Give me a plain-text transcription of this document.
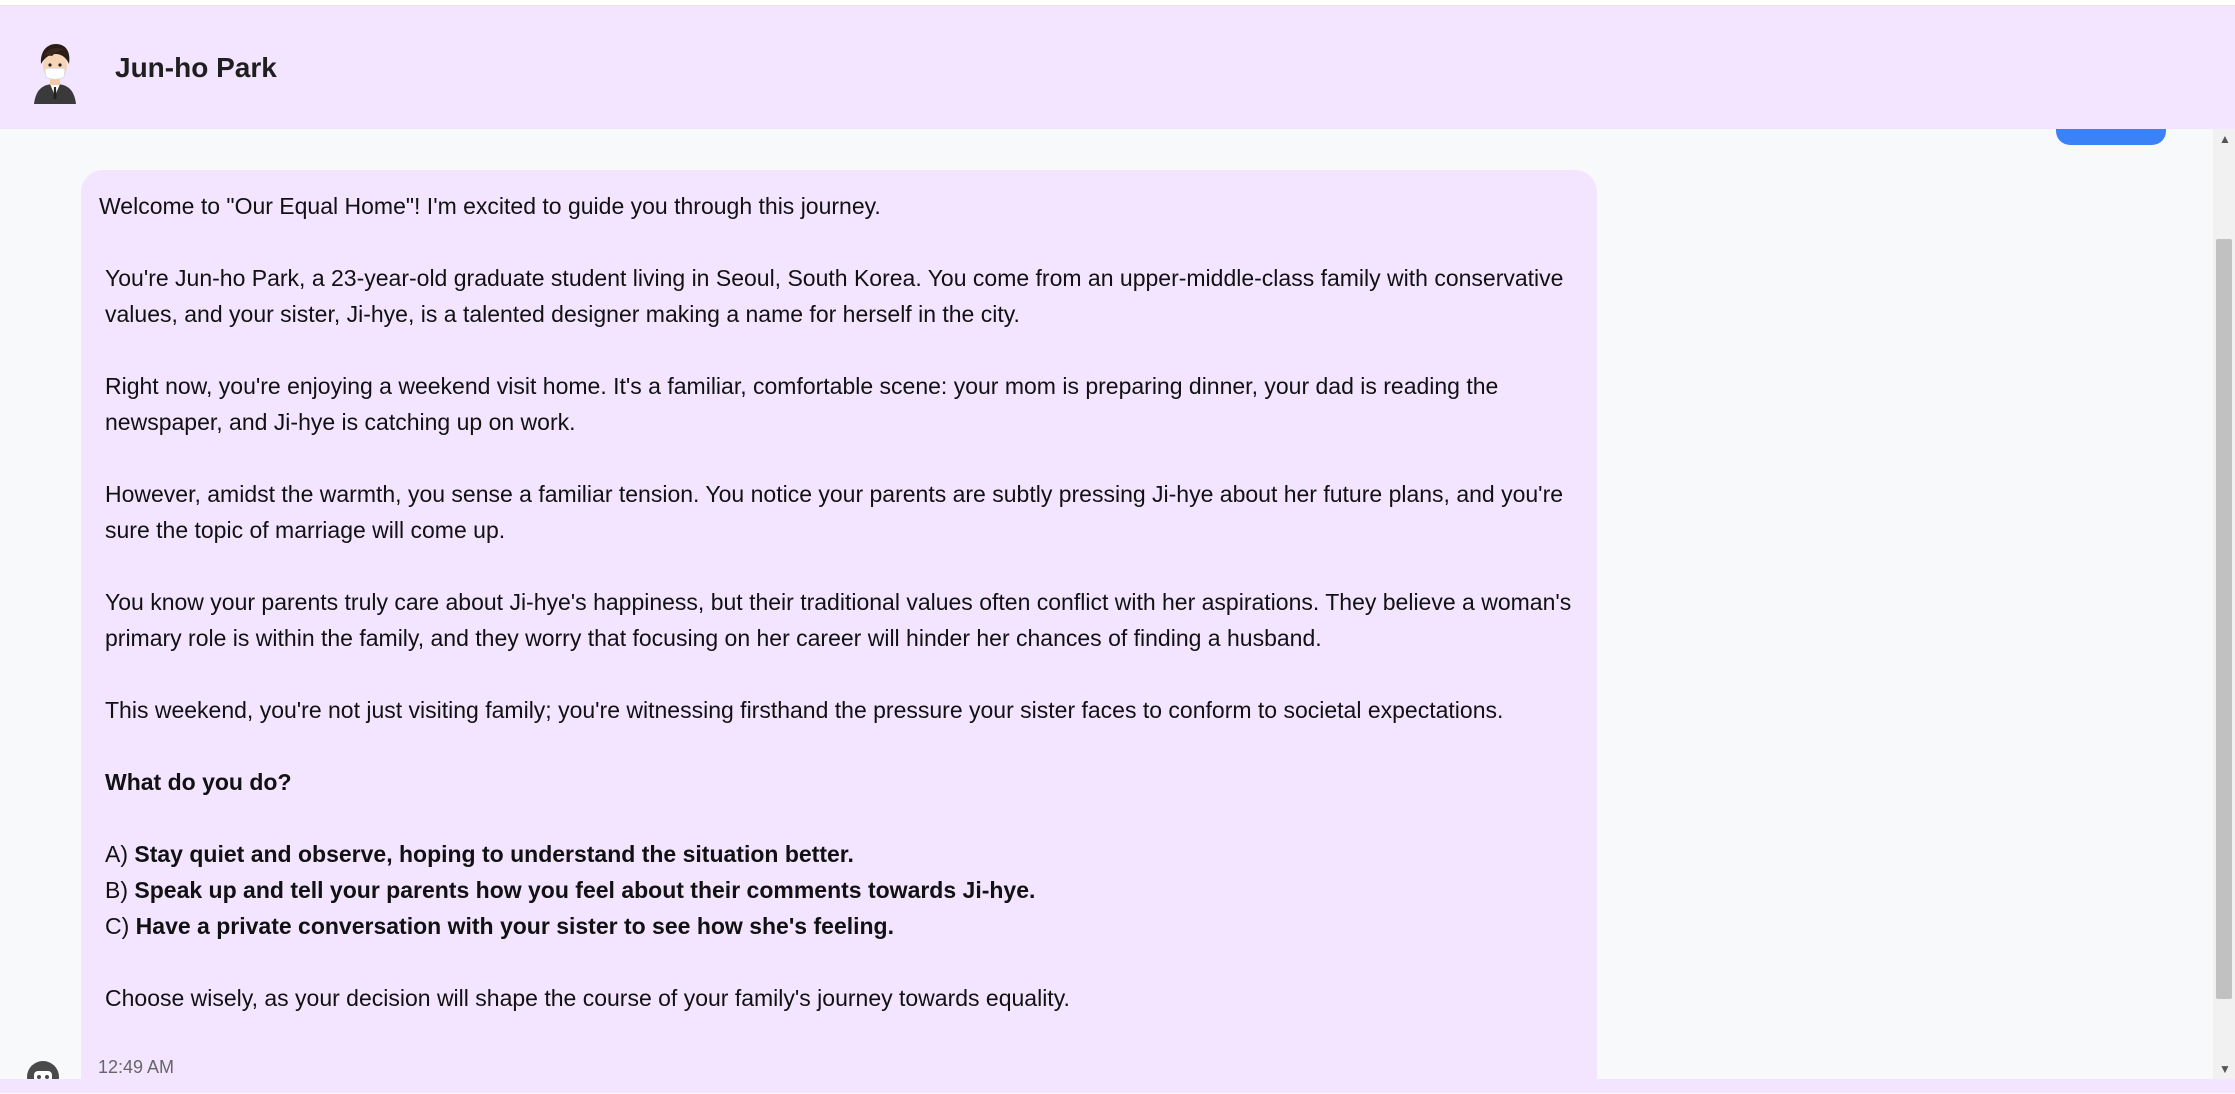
Jun-ho Park

Welcome to "Our Equal Home"! I'm excited to guide you through this journey.

You're Jun-ho Park, a 23-year-old graduate student living in Seoul, South Korea. You come from an upper-middle-class family with conservative values, and your sister, Ji-hye, is a talented designer making a name for herself in the city.

Right now, you're enjoying a weekend visit home. It's a familiar, comfortable scene: your mom is preparing dinner, your dad is reading the newspaper, and Ji-hye is catching up on work.

However, amidst the warmth, you sense a familiar tension. You notice your parents are subtly pressing Ji-hye about her future plans, and you're sure the topic of marriage will come up.

You know your parents truly care about Ji-hye's happiness, but their traditional values often conflict with her aspirations. They believe a woman's primary role is within the family, and they worry that focusing on her career will hinder her chances of finding a husband.

This weekend, you're not just visiting family; you're witnessing firsthand the pressure your sister faces to conform to societal expectations.

What do you do?

A) Stay quiet and observe, hoping to understand the situation better.

B) Speak up and tell your parents how you feel about their comments towards Ji-hye.

C) Have a private conversation with your sister to see how she's feeling.

Choose wisely, as your decision will shape the course of your family's journey towards equality.

12:49 AM
▲
▼
